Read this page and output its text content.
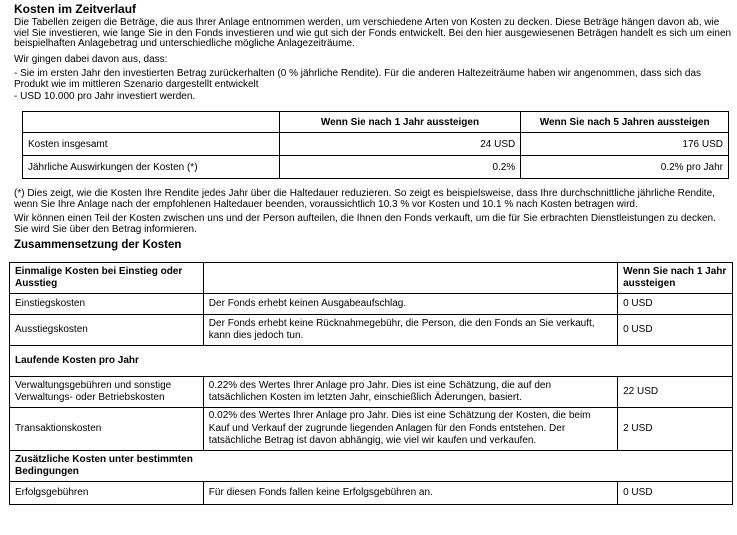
Kosten im Zeitverlauf
Die Tabellen zeigen die Beträge, die aus Ihrer Anlage entnommen werden, um verschiedene Arten von Kosten zu decken. Diese Beträge hängen davon ab, wie viel Sie investieren, wie lange Sie in den Fonds investieren und wie gut sich der Fonds entwickelt. Bei den hier ausgewiesenen Beträgen handelt es sich um einen beispielhaften Anlagebetrag und unterschiedliche mögliche Anlagezeiträume.
Wir gingen dabei davon aus, dass:
- Sie im ersten Jahr den investierten Betrag zurückerhalten (0 % jährliche Rendite). Für die anderen Haltezeiträume haben wir angenommen, dass sich das Produkt wie im mittleren Szenario dargestellt entwickelt
- USD 10.000 pro Jahr investiert werden.
	Wenn Sie nach 1 Jahr aussteigen	Wenn Sie nach 5 Jahren aussteigen
Kosten insgesamt	24 USD	176 USD
Jährliche Auswirkungen der Kosten (*)	0.2%	0.2% pro Jahr
(*) Dies zeigt, wie die Kosten Ihre Rendite jedes Jahr über die Haltedauer reduzieren. So zeigt es beispielsweise, dass Ihre durchschnittliche jährliche Rendite, wenn Sie Ihre Anlage nach der empfohlenen Haltedauer beenden, voraussichtlich 10.3 % vor Kosten und 10.1 % nach Kosten betragen wird.
Wir können einen Teil der Kosten zwischen uns und der Person aufteilen, die Ihnen den Fonds verkauft, um die für Sie erbrachten Dienstleistungen zu decken. Sie wird Sie über den Betrag informieren.
Zusammensetzung der Kosten
Einmalige Kosten bei Einstieg oder Ausstieg		Wenn Sie nach 1 Jahr aussteigen
Einstiegskosten	Der Fonds erhebt keinen Ausgabeaufschlag.	0 USD
Ausstiegskosten	Der Fonds erhebt keine Rücknahmegebühr, die Person, die den Fonds an Sie verkauft, kann dies jedoch tun.	0 USD
Laufende Kosten pro Jahr		
Verwaltungsgebühren und sonstige Verwaltungs- oder Betriebskosten	0.22% des Wertes Ihrer Anlage pro Jahr. Dies ist eine Schätzung, die auf den tatsächlichen Kosten im letzten Jahr, einschießlich Äderungen, basiert.	22 USD
Transaktionskosten	0.02% des Wertes Ihrer Anlage pro Jahr. Dies ist eine Schätzung der Kosten, die beim Kauf und Verkauf der zugrunde liegenden Anlagen für den Fonds entstehen. Der tatsächliche Betrag ist davon abhängig, wie viel wir kaufen und verkaufen.	2 USD
Zusätzliche Kosten unter bestimmten Bedingungen		
Erfolgsgebühren	Für diesen Fonds fallen keine Erfolgsgebühren an.	0 USD
